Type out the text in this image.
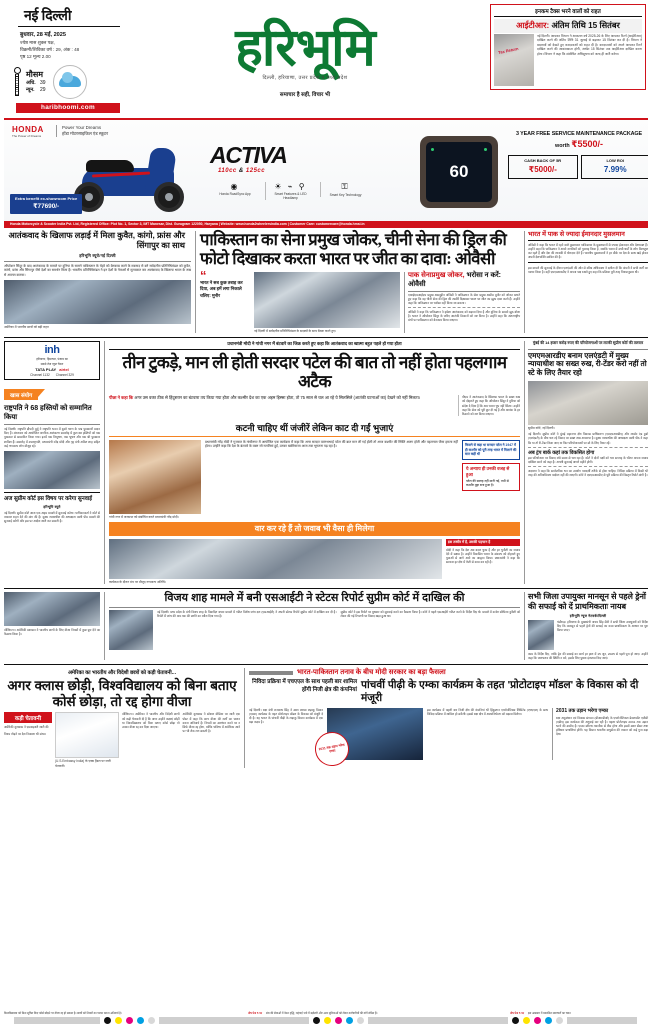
नई दिल्ली
बुधवार, 28 मई, 2025
ज्येष्ठ मास शुक्ल पक्ष,
विक्रमी/शिविका वर्ष : 29, अंक : 48
पृष्ठ 12 मूल्य 2.00
मौसम
अधि. 39
न्यून. 29
haribhoomi.com
हरिभूमि
दिल्ली, हरियाणा, उत्तर प्रदेश व मध्य प्रदेश
समाचार है सही, विचार भी
इनकम टैक्स भरने वालों को राहत
आईटीआर: अंतिम तिथि 15 सितंबर
Tax Return
नई दिल्ली। आयकर विभाग ने आकलन वर्ष 2025-26 के लिए आयकर रिटर्न (आईटीआर) दाखिल करने की अंतिम तिथि 31 जुलाई से बढ़ाकर 15 सितंबर कर दी है। विभाग ने बदलावों को देखते हुए करदाताओं को राहत दी है। करदाताओं को अपने आयकर रिटर्न दाखिल करने की आवश्यकता होगी, अर्थात 15 सितंबर तक आईटीआर दाखिल करना होगा। विभाग ने कहा कि संशोधित अधिसूचना को जल्द ही जारी करेगा।
HONDA
The Power of Dreams
Power Your Dreams
होंडा मोटरसाइकिल एंड स्कूटर
Extra benefit ex-showroom Price
₹77690/-
ACTIVA
110cc & 125cc
◉
Honda RoadSync App
☀ ⌁ ⚲
Smart Features & LED Headlamp
⚿
Smart Key Technology
60
3 YEAR FREE SERVICE MAINTENANCE PACKAGE
worth ₹5500/-
CASH BACK OF 5R
₹5000/-
LOW ROI
7.99%
Honda Motorcycle & Scooter India Pvt. Ltd, Registered Office: Plot No. 1, Sector 3, IMT Manesar, Dist. Gurugram 122050, Haryana | Website: www.honda2wheelersindia.com | Customer Care: customercare@honda.hmsi.in
आतंकवाद के खिलाफ लड़ाई में मिला कुवैत, कांगो, फ्रांस और सिंगापुर का साथ
हरिभूमि ब्यूरो/नई दिल्ली
ऑपरेशन सिंदूर के बाद आतंकवाद के मामले पर दुनिया के सामने पाकिस्तान के चेहरे को बेनकाब करने के मकसद से बने सर्वदलीय प्रतिनिधिमंडल को कुवैत, कांगो, फ्रांस और सिंगापुर जैसे देशों का समर्थन मिला है। भारतीय प्रतिनिधिमंडल ने इन देशों के नेताओं से मुलाकात कर आतंकवाद के खिलाफ भारत के रुख से अवगत कराया।
अमेरिका में भारतीय छात्रों को बड़ी राहत
पाकिस्तान का सेना प्रमुख जोकर, चीनी सेना की ड्रिल की फोटो दिखाकर करता भारत पर जीत का दावा: ओवैसी
“
भारत ने सब कुछ तबाह कर दिया, अब हमें लगा निकाले चलिए: मुनीर
नई दिल्ली में सर्वदलीय प्रतिनिधिमंडल के सदस्यों के साथ बैठक करते हुए।
पाक सेनाप्रमुख जोकर, भरोसा न करें: ओवैसी
एआईएमआईएम प्रमुख असदुद्दीन ओवैसी ने पाकिस्तान के सेना प्रमुख असीम मुनीर को जोकर बताते हुए कहा कि वह चीनी सेना की ड्रिल की तस्वीरें दिखाकर भारत पर जीत का झूठा दावा करते हैं। उन्होंने कहा कि पाकिस्तान पर भरोसा नहीं किया जा सकता।
ओवैसी ने कहा कि पाकिस्तान ने हमेशा आतंकवाद को बढ़ावा दिया है और दुनिया के सामने झूठ बोला है। भारत ने ऑपरेशन सिंदूर के जरिए आतंकी ठिकानों को नष्ट किया है। उन्होंने कहा कि अंतरराष्ट्रीय मंचों पर पाकिस्तान को बेनकाब किया जाएगा।
भारत में पाक से ज्यादा ईमानदार मुसलमान
ओवैसी ने कहा कि भारत में रहने वाले मुसलमान पाकिस्तान के मुसलमानों से ज्यादा ईमानदार और देशभक्त हैं। उन्होंने कहा कि पाकिस्तान ने अपने नागरिकों को गुमराह किया है, जबकि भारत में सभी धर्मों के लोग मिलजुल कर रहते हैं और देश की तरक्की में योगदान देते हैं। भारतीय मुसलमानों ने हर मौके पर देश के साथ खड़े होकर अपनी देशभक्ति साबित की है।
इस मामले की सुनवाई के दौरान एलएंडटी की ओर से वरिष्ठ अधिवक्ता ने दलील दी कि कंपनी ने सभी शर्तों का पालन किया है। वहीं एमएमआरडीए ने अपना पक्ष रखते हुए कहा कि प्रक्रिया पूरी तरह नियमानुसार थी।
inh
हरियाणा, हिमाचल, पंजाब का
सबसे तेज़ न्यूज़ चैनल
TATA PLAY airtel
Channel 1132 Channel 329
खास संयोग
राष्ट्रपति ने 68 हस्तियों को सम्मानित किया
नई दिल्ली। राष्ट्रपति द्रौपदी मुर्मू ने राष्ट्रपति भवन में दूसरे चरण के पद्म पुरस्कारों प्रदान किए हैं। मंगलवार को आयोजित नागरिक अलंकरण समारोह में कुल 68 हस्तियों को पद्म पुरस्कार से सम्मानित किया गया। इनमें पद्म विभूषण, पद्म भूषण और पद्म श्री पुरस्कार शामिल हैं। समारोह में उपराष्ट्रपति, प्रधानमंत्री नरेंद्र मोदी और गृह मंत्री अमित शाह सहित कई गणमान्य लोग मौजूद रहे।
अज सुप्रीम कोर्ट इस विषय पर करेगा सुनवाई
हरिभूमि ब्यूरो
नई दिल्ली। सुप्रीम कोर्ट आज एक अहम मामले में सुनवाई करेगा। याचिकाकर्ता ने कोर्ट से तत्काल राहत देने की मांग की है। मुख्य न्यायाधीश की अध्यक्षता वाली पीठ मामले की सुनवाई करेगी और इस पर आदेश जारी कर सकती है।
प्रधानमंत्री मोदी ने गांधी नगर में बंटवारे का जिक्र करते हुए कहा कि आतंकवाद का खात्मा बहुत पहले हो गया होता
तीन टुकड़े, मान ली होती सरदार पटेल की बात तो नहीं होता पहलगाम अटैक
पीछा ने कहा कि अगर उस वक्त ठीक से हिंदुस्तान का बंटवारा तय किया गया होता और कश्मीर देश का एक अहम हिस्सा होता, तो 75 साल से चल आ रहे ये सिलसिले (आतंकी घटनाओं का) देखने को नहीं मिलता।	पीएम ने आतंकवाद के खिलाफ भारत के सख्त रुख को दोहराते हुए कहा कि ऑपरेशन सिंदूर ने दुनिया को संदेश दे दिया है कि अब भारत चुप नहीं बैठेगा। उन्होंने कहा कि सेना को पूरी छूट दी गई है और आतंक के हर ठिकाने को नष्ट किया जाएगा।
कटनी चाहिए थीं जंजीरें लेकिन काट दी गईं भुजाएं
गांधी नगर में जनसभा को संबोधित करते प्रधानमंत्री नरेंद्र मोदी।
प्रधानमंत्री नरेंद्र मोदी ने गुजरात के गांधीनगर में आयोजित एक कार्यक्रम में कहा कि अगर सरदार वल्लभभाई पटेल की बात मान ली गई होती तो आज कश्मीर की स्थिति अलग होती और पहलगाम जैसा हमला नहीं होता। उन्होंने कहा कि देश के बंटवारे के वक्त जो गलतियां हुईं, उनका खामियाजा आज तक भुगतना पड़ रहा है।	किसने से कहा था सरदार पटेल ने 1947 में ही कश्मीर को पूरी तरह भारत में मिलाने की बात कही थी
ये अन्याय ही उनकी वजह से हुआ
पटेल की सलाह नहीं मानी गई, तभी से कश्मीर मुद्दा बना हुआ है।
वार कर रहे हैं तो जवाब भी वैसा ही मिलेगा
कार्यक्रम के दौरान मंच पर मौजूद गणमान्य अतिथि।
इस तस्वीर में है, उसकी पहचान है
मोदी ने कहा कि देश अब बदल चुका है और हर चुनौती का जवाब देने में सक्षम है। उन्होंने विकसित भारत के संकल्प को दोहराते हुए युवाओं से आगे आने का आह्वान किया। प्रधानमंत्री ने कहा कि सरकार हर क्षेत्र में तेजी से काम कर रही है।
मुंबई की 14 हजार करोड़ रुपए की परियोजनाओं पर लटकी सुप्रीम कोर्ट की तलवार
एमएमआरडीए बनाम एलएंडटी में मुख्य न्यायाधीश का सख्त रुख, री-टेंडर करो नहीं तो स्टे के लिए तैयार रहो
सुप्रीम कोर्ट, नई दिल्ली।
नई दिल्ली। सुप्रीम कोर्ट ने मुंबई महानगर क्षेत्र विकास प्राधिकरण (एमएमआरडीए) और लार्सन एंड टुब्रो (एलएंडटी) के बीच चल रहे विवाद पर सख्त रुख अपनाया है। मुख्य न्यायाधीश की अध्यक्षता वाली पीठ ने कहा कि या तो री-टेंडर किया जाए या फिर परियोजनाओं पर स्टे के लिए तैयार रहें।
अब ट्रंप बार्क कहां तक विकसित होगा
इस परियोजना पर विवाद लंबे समय से चल रहा है। कोर्ट ने दोनों पक्षों को चार सप्ताह के भीतर अपना जवाब दाखिल करने को कहा है। अगली सुनवाई अगले महीने होगी।
अदालत ने कहा कि सार्वजनिक धन का उपयोग पारदर्शी तरीके से होना चाहिए। निविदा प्रक्रिया में किसी भी तरह की अनियमितता बर्दाश्त नहीं की जाएगी। कोर्ट ने एमएमआरडीए से पूरी प्रक्रिया की विस्तृत रिपोर्ट मांगी है।
वॉशिंगटन। अमेरिकी प्रशासन ने भारतीय छात्रों के लिए वीजा नियमों में कुछ छूट देने का फैसला किया है।
विजय शाह मामले में बनी एसआईटी ने स्टेटस रिपोर्ट सुप्रीम कोर्ट में दाखिल की
नई दिल्ली। मध्य प्रदेश के मंत्री विजय शाह के विवादित बयान मामले में गठित विशेष जांच दल (एसआईटी) ने अपनी स्टेटस रिपोर्ट सुप्रीम कोर्ट में दाखिल कर दी है। रिपोर्ट में जांच की अब तक की प्रगति का ब्यौरा दिया गया है।
सुप्रीम कोर्ट ने इस रिपोर्ट पर बुधवार को सुनवाई करने का फैसला किया है। कोर्ट ने पहले एसआईटी गठित करने के निर्देश दिए थे। मामले में कर्नल सोफिया कुरैशी को लेकर की गई टिप्पणी पर विवाद खड़ा हुआ था।
सभी जिला उपायुक्त मानसून से पहले ड्रेनों की सफाई को दें प्राथमिकताः नायब
हरिभूमि न्यूज नेटवर्क/दिल्ली
चंडीगढ़। हरियाणा के मुख्यमंत्री नायब सिंह सैनी ने सभी जिला उपायुक्तों को निर्देश दिए कि मानसून से पहले ड्रेनों की सफाई का काम प्राथमिकता के आधार पर पूरा किया जाए।
काम के निर्देश दिए, ताकि ड्रेन की सफाई का कार्य हर हाल में 15 जून, 2025 से पहले पूरा हो जाए। उन्होंने कहा कि जलभराव की स्थिति न बने, इसके लिए पुख्ता इंतजाम किए जाएं।
अमेरिका का भारतीय और विदेशी छात्रों को कड़ी चेतावनी...
अगर क्लास छोड़ी, विश्वविद्यालय को बिना बताए कोर्स छोड़ा, तो रद्द होगा वीजा
कड़ी चेतावनी
अमेरिकी दूतावास ने एडवाइजरी जारी की
नियम तोड़ने पर देश निकाला भी संभव
(U.S.Embassy India) के एक्स हैंडल पर जारी चेतावनी।
वॉशिंगटन। अमेरिका ने भारतीय और विदेशी छात्रों को कड़ी चेतावनी दी है कि अगर उन्होंने कक्षाएं छोड़ीं या विश्वविद्यालय को बिना बताए कोर्स छोड़ा तो उनका वीजा रद्द कर दिया जाएगा।
अमेरिकी दूतावास ने सोशल मीडिया पर जारी एक पोस्ट में कहा कि छात्र वीजा की शर्तों का पालन करना अनिवार्य है। नियमों का उल्लंघन करने पर न सिर्फ वीजा रद्द होगा, बल्कि भविष्य में अमेरिका आने पर भी रोक लग सकती है।
भारत-पाकिस्तान तनाव के बीच मोदी सरकार का बड़ा फैसला
निविदा प्रक्रिया में एचएएल के साथ पहली बार शामिल होंगी निजी क्षेत्र की कंपनियां पांचवीं पीढ़ी के एम्का कार्यक्रम के तहत 'प्रोटोटाइप मॉडल' के विकास को दी मंजूरी
नई दिल्ली। रक्षा मंत्री राजनाथ सिंह ने उन्नत मध्यम लड़ाकू विमान (एम्का) कार्यक्रम के तहत प्रोटोटाइप मॉडल के विकास को मंजूरी दे दी है। यह भारत के पांचवीं पीढ़ी के लड़ाकू विमान कार्यक्रम में एक बड़ा कदम है।
2031 तक उड़ान भरेगा एम्का
इस कार्यक्रम में पहली बार निजी क्षेत्र की कंपनियां भी हिंदुस्तान एयरोनॉटिक्स लिमिटेड (एचएएल) के साथ निविदा प्रक्रिया में शामिल हो सकेंगी। इससे रक्षा क्षेत्र में आत्मनिर्भरता को बढ़ावा मिलेगा।
2031 तक उड़ान भरेगा एम्का
रक्षा अनुसंधान एवं विकास संगठन (डीआरडीओ) के एयरोनॉटिकल डेवलपमेंट एजेंसी (एडीए) इस कार्यक्रम की अगुवाई कर रही है। पहला प्रोटोटाइप 2031 तक उड़ान भरने की उम्मीद है। एम्का स्टील्थ तकनीक से लैस होगा और इसमें उन्नत सेंसर तथा हथियार प्रणालियां होंगी। यह विमान भारतीय वायुसेना की ताकत को कई गुना बढ़ा देगा।
विश्वविद्यालय को बिना सूचित किए कोर्स छोड़ने पर वीजा रद्द हो सकता है। छात्रों को नियमों का पालन करना अनिवार्य है।	शेष पेज 5 पर संघ की सेवाओं में वेतन वृद्धि, महंगाई भत्ते में बढ़ोतरी और अन्य सुविधाओं को लेकर कर्मचारियों की मांगें लंबित हैं।	शेष पेज 5 पर इस अखबार में प्रकाशित समाचारों का चयन
